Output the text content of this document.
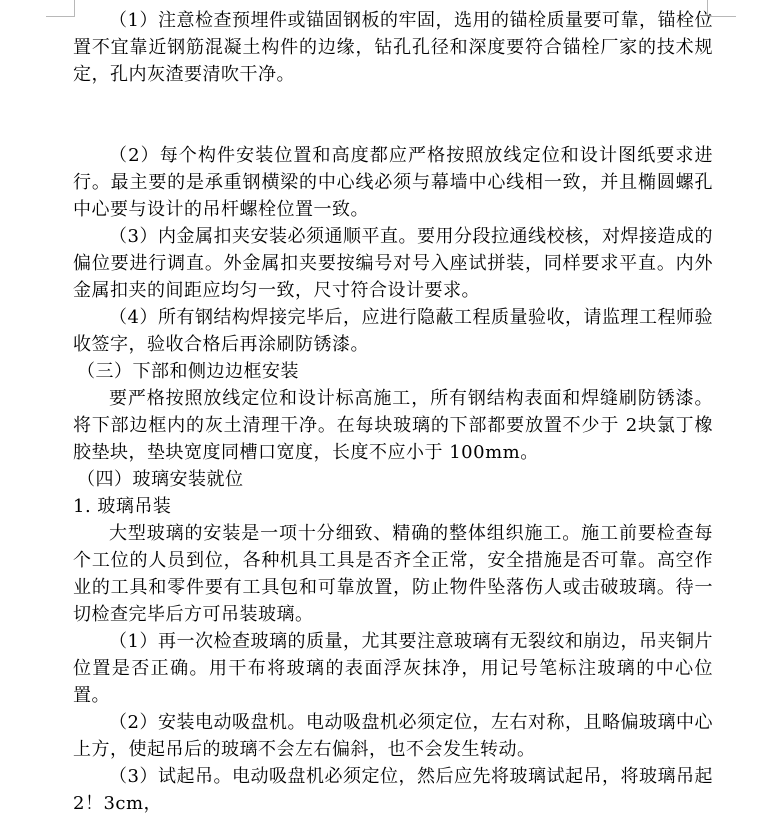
（1）注意检查预埋件或锚固钢板的牢固，选用的锚栓质量要可靠，锚栓位置不宜靠近钢筋混凝土构件的边缘，钻孔孔径和深度要符合锚栓厂家的技术规定，孔内灰渣要清吹干净。

（2）每个构件安装位置和高度都应严格按照放线定位和设计图纸要求进行。最主要的是承重钢横梁的中心线必须与幕墙中心线相一致，并且椭圆螺孔中心要与设计的吊杆螺栓位置一致。

（3）内金属扣夹安装必须通顺平直。要用分段拉通线校核，对焊接造成的偏位要进行调直。外金属扣夹要按编号对号入座试拼装，同样要求平直。内外金属扣夹的间距应均匀一致，尺寸符合设计要求。

（4）所有钢结构焊接完毕后，应进行隐蔽工程质量验收，请监理工程师验收签字，验收合格后再涂刷防锈漆。

（三）下部和侧边边框安装

要严格按照放线定位和设计标高施工，所有钢结构表面和焊缝刷防锈漆。将下部边框内的灰土清理干净。在每块玻璃的下部都要放置不少于 2块氯丁橡胶垫块，垫块宽度同槽口宽度，长度不应小于 100mm。

（四）玻璃安装就位

1. 玻璃吊装

大型玻璃的安装是一项十分细致、精确的整体组织施工。施工前要检查每个工位的人员到位，各种机具工具是否齐全正常，安全措施是否可靠。高空作业的工具和零件要有工具包和可靠放置，防止物件坠落伤人或击破玻璃。待一切检查完毕后方可吊装玻璃。

（1）再一次检查玻璃的质量，尤其要注意玻璃有无裂纹和崩边，吊夹铜片位置是否正确。用干布将玻璃的表面浮灰抹净，用记号笔标注玻璃的中心位置。

（2）安装电动吸盘机。电动吸盘机必须定位，左右对称，且略偏玻璃中心上方，使起吊后的玻璃不会左右偏斜，也不会发生转动。

（3）试起吊。电动吸盘机必须定位，然后应先将玻璃试起吊，将玻璃吊起 2！3cm，
